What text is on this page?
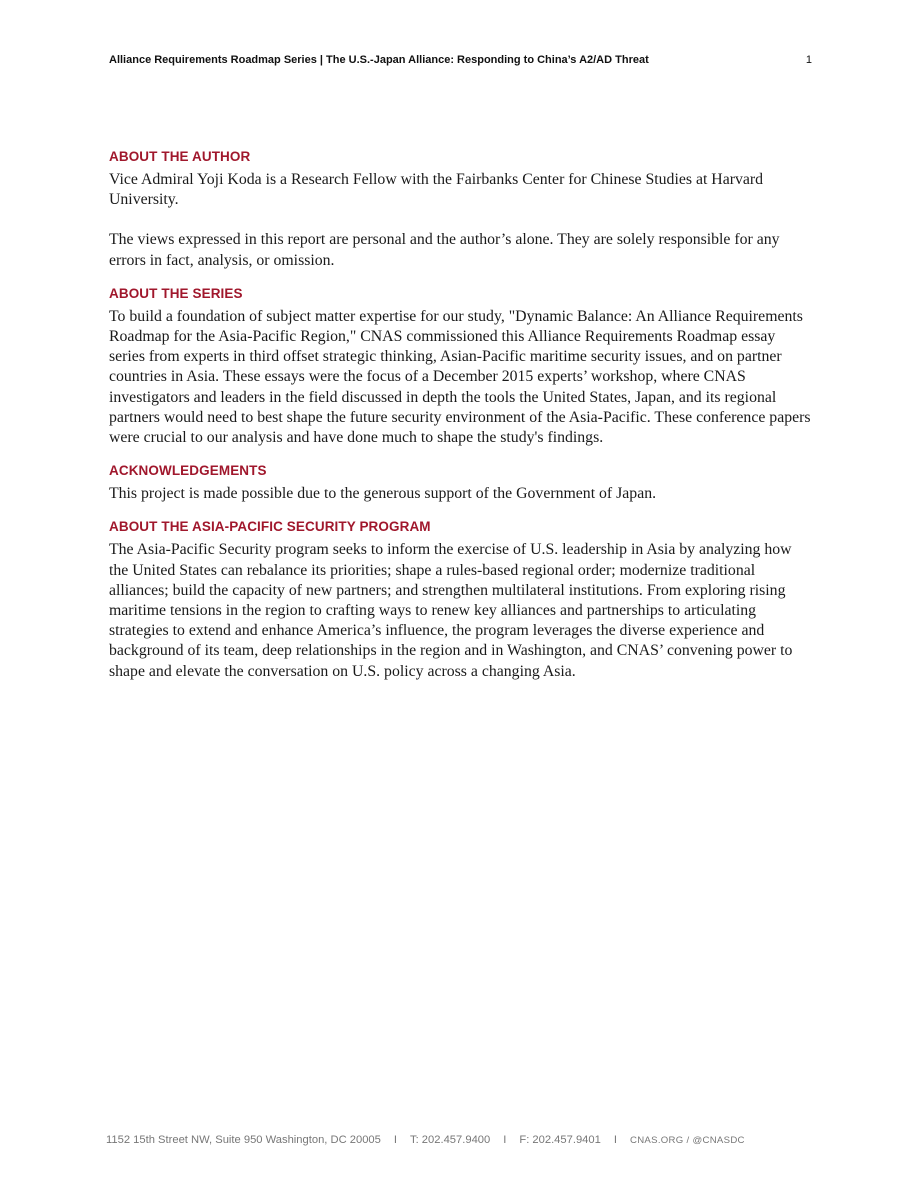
Alliance Requirements Roadmap Series | The U.S.-Japan Alliance: Responding to China’s A2/AD Threat	1
ABOUT THE AUTHOR

Vice Admiral Yoji Koda is a Research Fellow with the Fairbanks Center for Chinese Studies at Harvard University.

The views expressed in this report are personal and the author’s alone. They are solely responsible for any errors in fact, analysis, or omission.

ABOUT THE SERIES

To build a foundation of subject matter expertise for our study, "Dynamic Balance: An Alliance Requirements Roadmap for the Asia-Pacific Region," CNAS commissioned this Alliance Requirements Roadmap essay series from experts in third offset strategic thinking, Asian-Pacific maritime security issues, and on partner countries in Asia. These essays were the focus of a December 2015 experts’ workshop, where CNAS investigators and leaders in the field discussed in depth the tools the United States, Japan, and its regional partners would need to best shape the future security environment of the Asia-Pacific. These conference papers were crucial to our analysis and have done much to shape the study's findings.

ACKNOWLEDGEMENTS

This project is made possible due to the generous support of the Government of Japan.

ABOUT THE ASIA-PACIFIC SECURITY PROGRAM

The Asia-Pacific Security program seeks to inform the exercise of U.S. leadership in Asia by analyzing how the United States can rebalance its priorities; shape a rules-based regional order; modernize traditional alliances; build the capacity of new partners; and strengthen multilateral institutions. From exploring rising maritime tensions in the region to crafting ways to renew key alliances and partnerships to articulating strategies to extend and enhance America’s influence, the program leverages the diverse experience and background of its team, deep relationships in the region and in Washington, and CNAS’ convening power to shape and elevate the conversation on U.S. policy across a changing Asia.

1152 15th Street NW, Suite 950 Washington, DC 20005 I T: 202.457.9400 I F: 202.457.9401 I CNAS.ORG / @CNASDC
